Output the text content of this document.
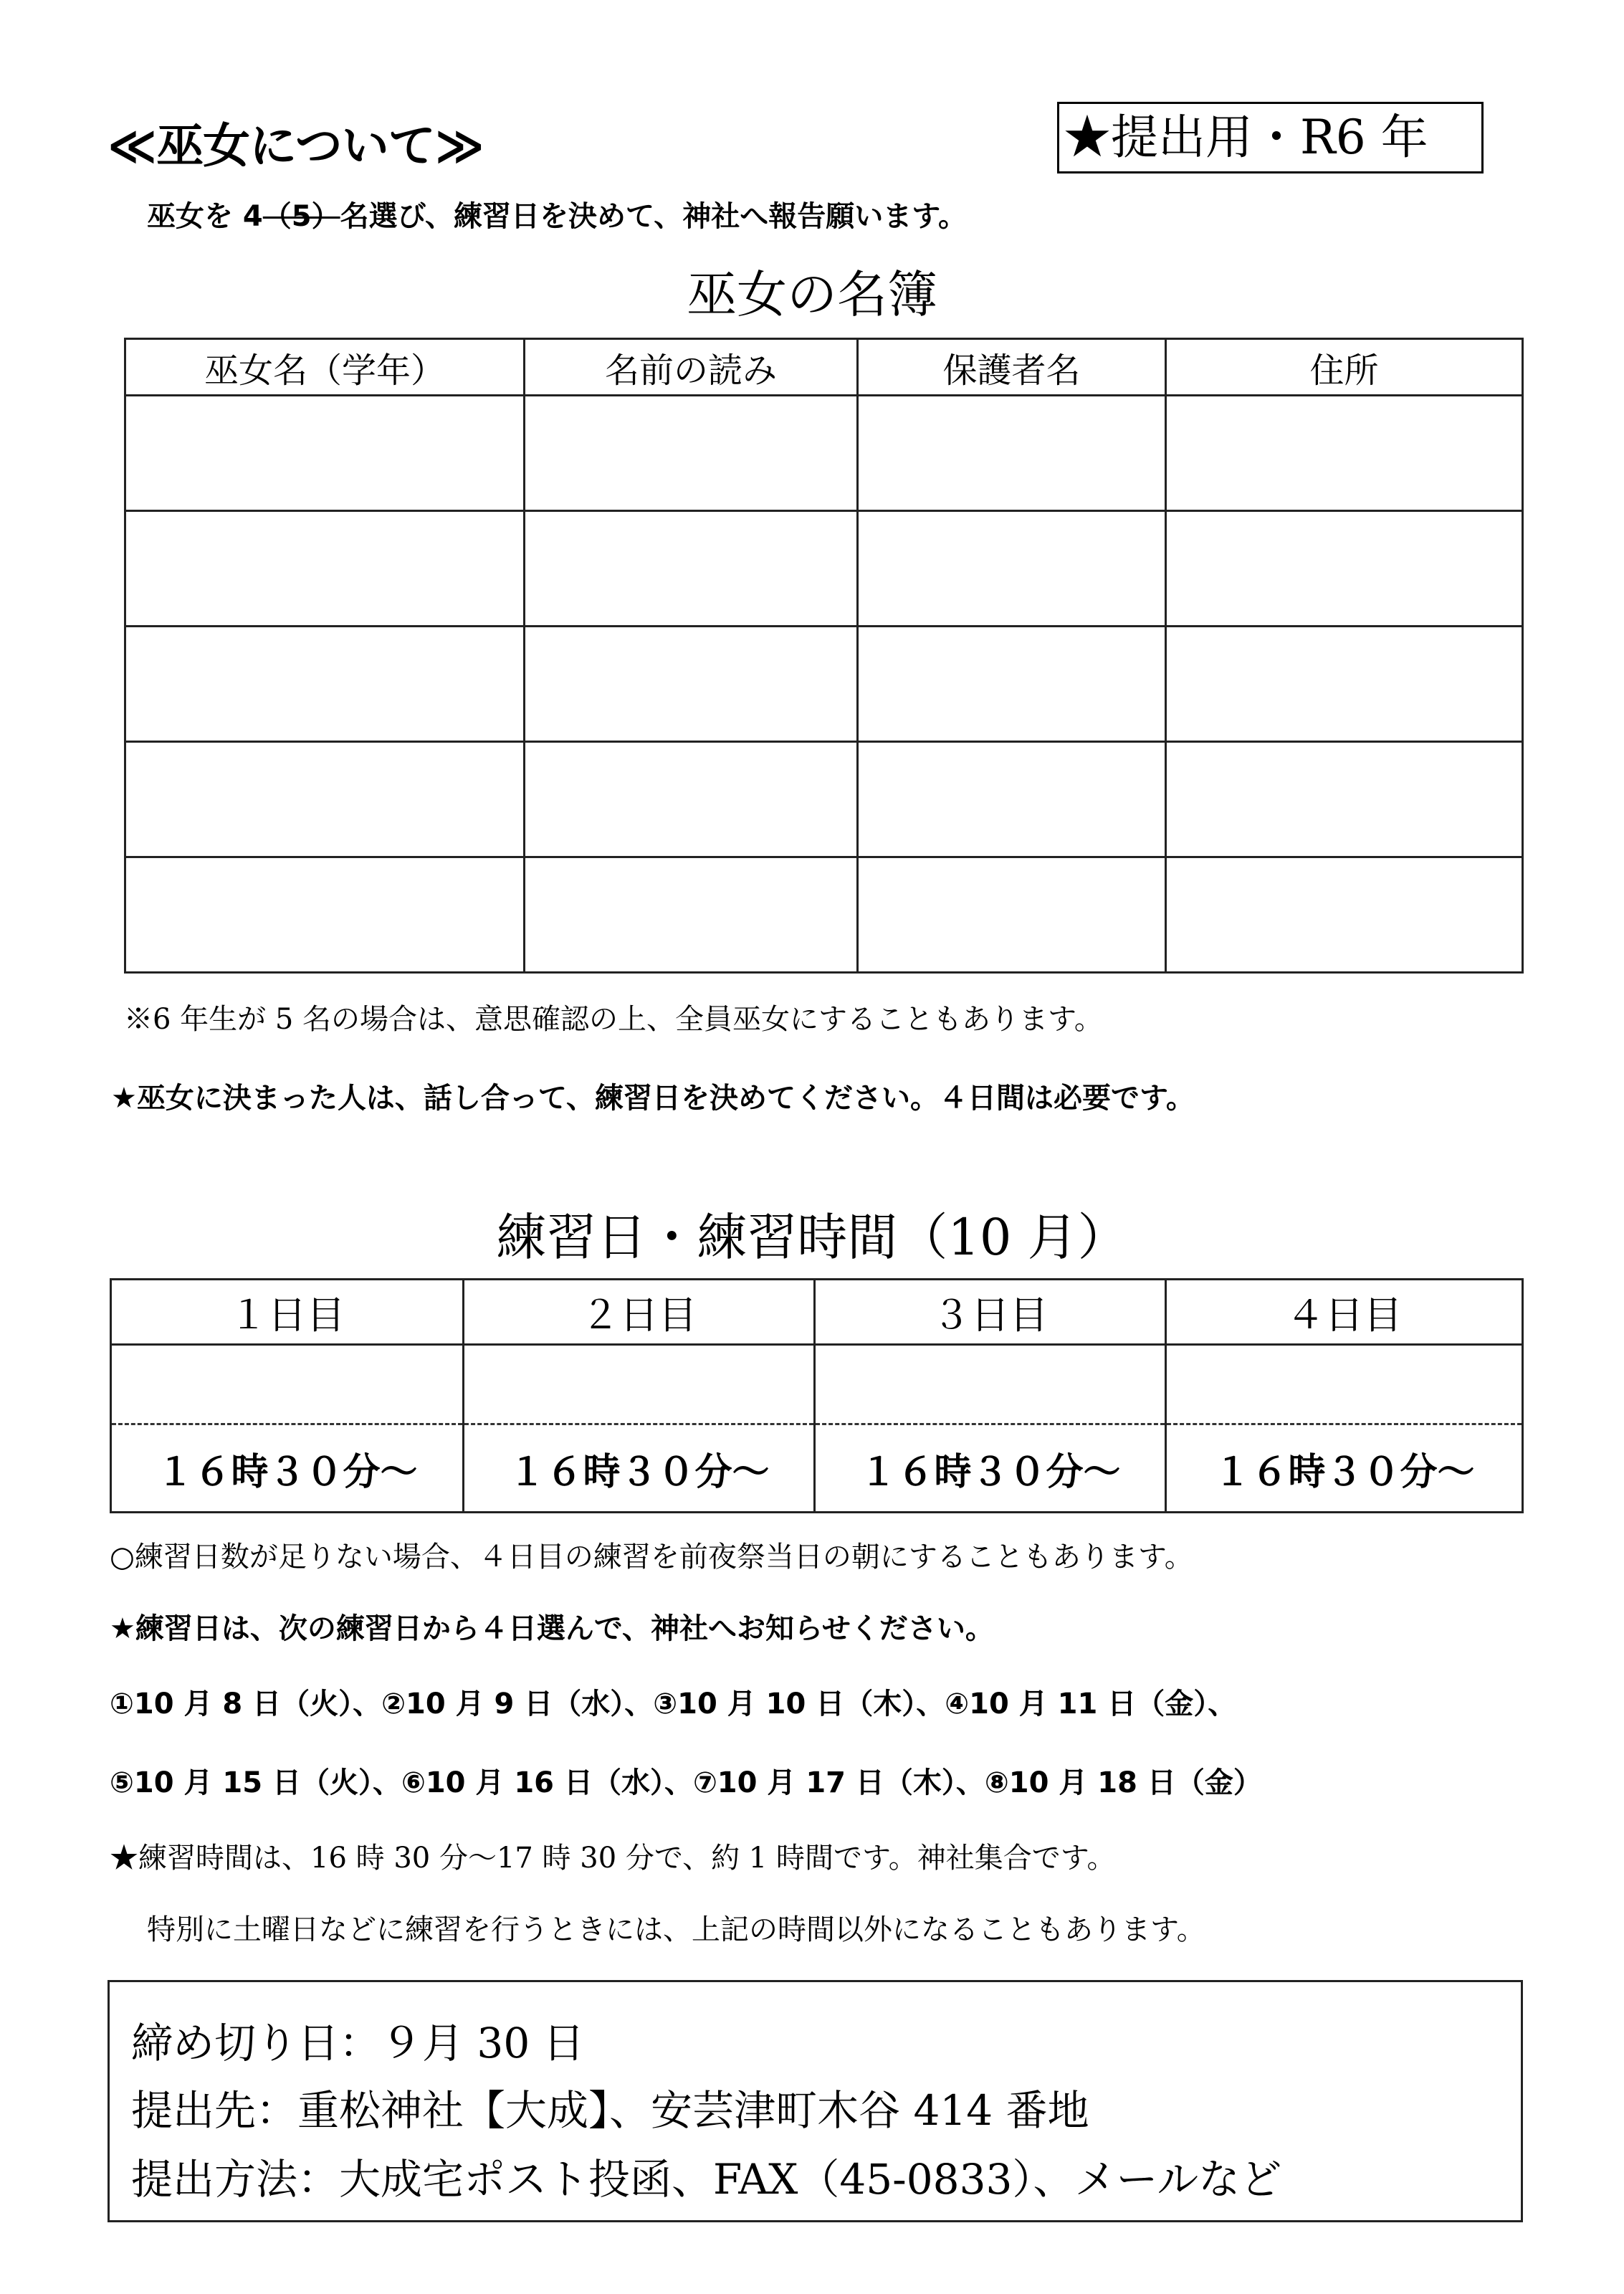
≪巫女について≫	★提出用・R6 年
巫女を 4（5）名選び、練習日を決めて、神社へ報告願います。
巫女の名簿
巫女名（学年）	名前の読み	保護者名	住所

※6 年生が 5 名の場合は、意思確認の上、全員巫女にすることもあります。
★巫女に決まった人は、話し合って、練習日を決めてください。４日間は必要です。
練習日・練習時間（10 月）
１日目	２日目	３日目	４日目

１６時３０分～	１６時３０分～	１６時３０分～	１６時３０分～
○練習日数が足りない場合、４日目の練習を前夜祭当日の朝にすることもあります。
★練習日は、次の練習日から４日選んで、神社へお知らせください。
①10 月 8 日（火）、②10 月 9 日（水）、③10 月 10 日（木）、④10 月 11 日（金）、
⑤10 月 15 日（火）、⑥10 月 16 日（水）、⑦10 月 17 日（木）、⑧10 月 18 日（金）
★練習時間は、16 時 30 分～17 時 30 分で、約 1 時間です。神社集合です。
特別に土曜日などに練習を行うときには、上記の時間以外になることもあります。
締め切り日：９月 30 日
提出先：重松神社【大成】、安芸津町木谷 414 番地
提出方法：大成宅ポスト投函、FAX（45-0833）、メールなど
